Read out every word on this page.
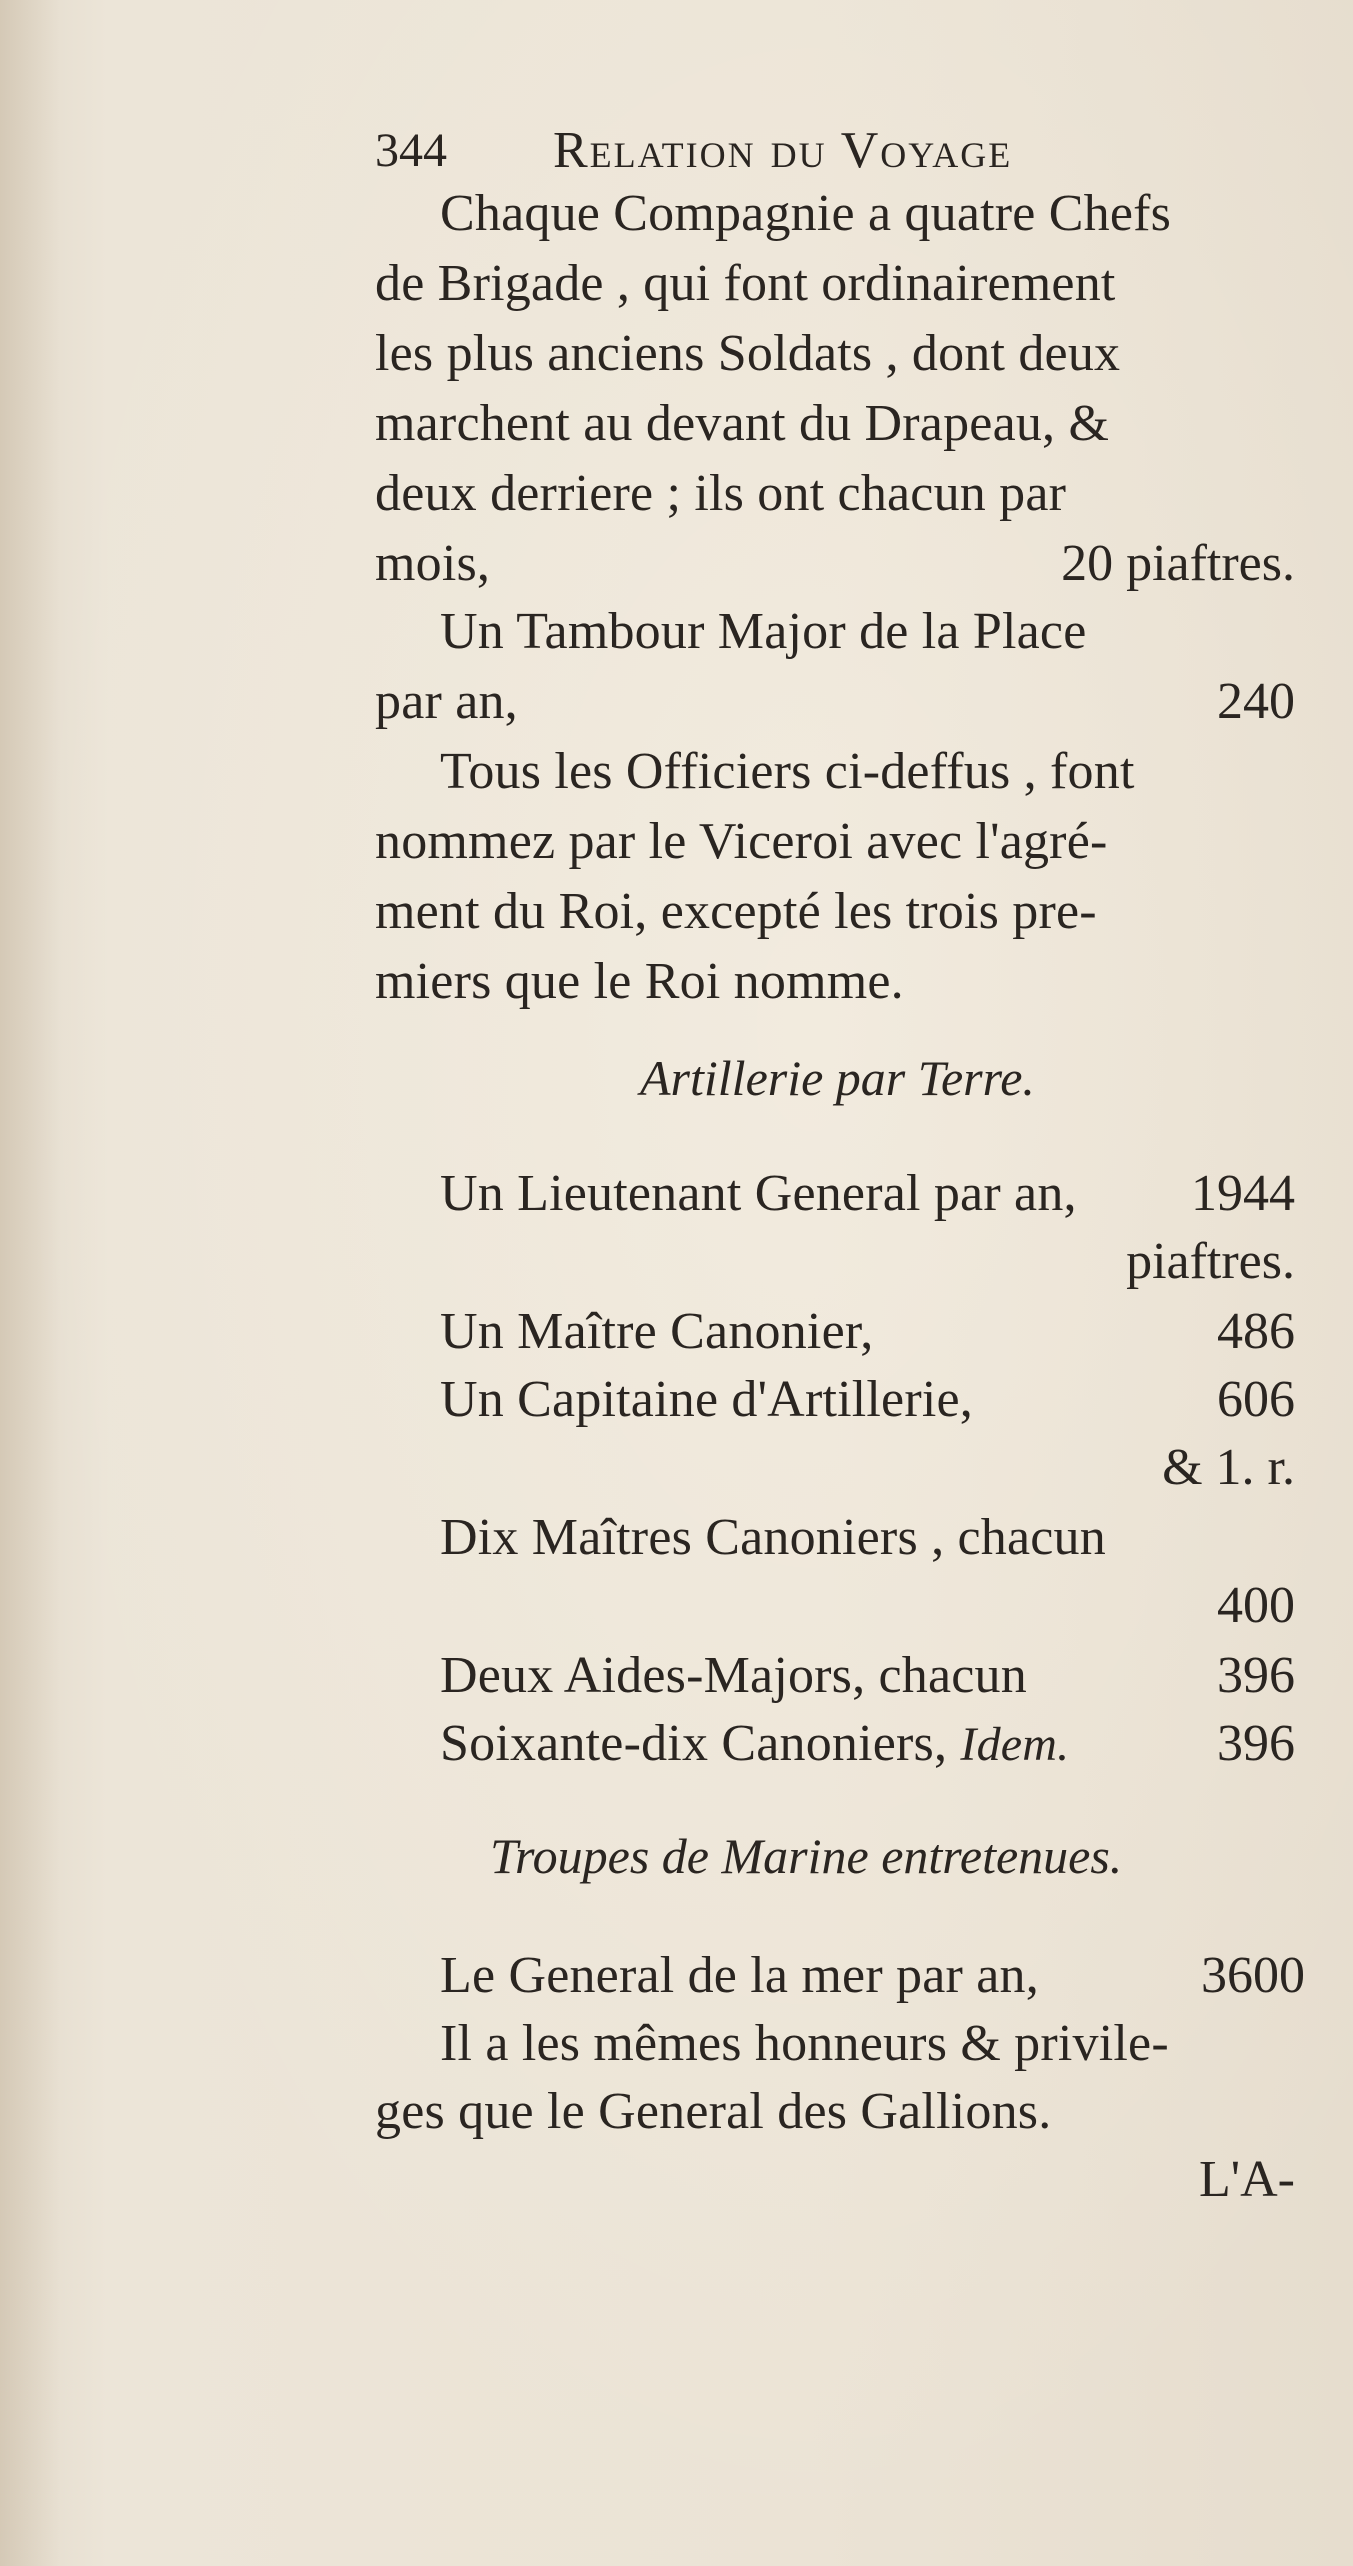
344 Relation du Voyage
Chaque Compagnie a quatre Chefs
de Brigade , qui font ordinairement
les plus anciens Soldats , dont deux
marchent au devant du Drapeau, &
deux derriere ; ils ont chacun par
mois,	20 piaftres.
Un Tambour Major de la Place
par an,	240
Tous les Officiers ci-deffus , font
nommez par le Viceroi avec l'agré-
ment du Roi, excepté les trois pre-
miers que le Roi nomme.
Artillerie par Terre.
Un Lieutenant General par an,	1944
piaftres.
Un Maître Canonier,	486
Un Capitaine d'Artillerie,	606
& 1. r.
Dix Maîtres Canoniers , chacun
400
Deux Aides-Majors, chacun	396
Soixante-dix Canoniers, Idem.	396
Troupes de Marine entretenues.
Le General de la mer par an,	3600
Il a les mêmes honneurs & privile-
ges que le General des Gallions.
L'A-
